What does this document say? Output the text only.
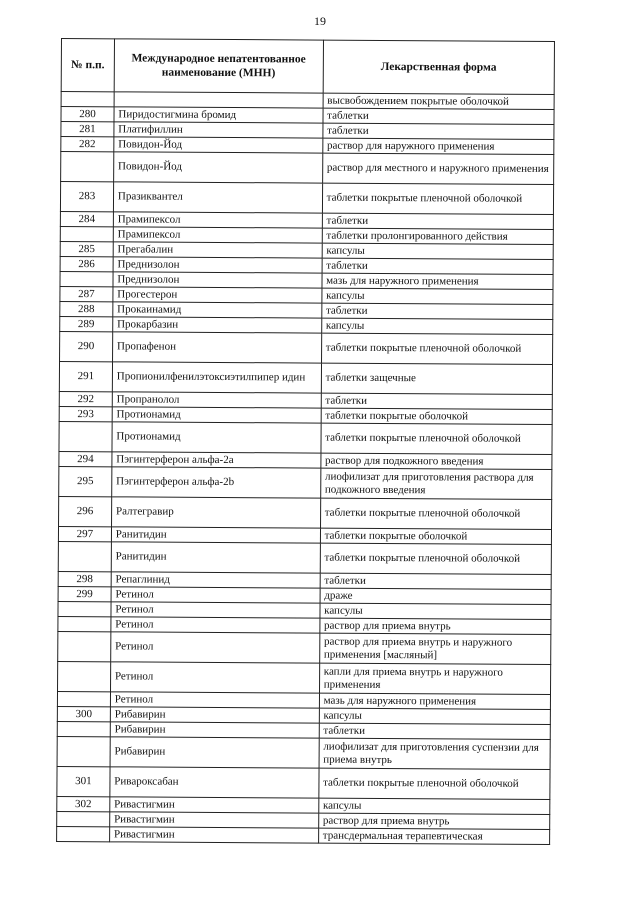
19
№ п.п.	Международное непатентованное наименование (МНН)	Лекарственная форма
		высвобождением покрытые оболочкой
280	Пиридостигмина бромид	таблетки
281	Платифиллин	таблетки
282	Повидон-Йод	раствор для наружного применения
	Повидон-Йод	раствор для местного и наружного применения
283	Празиквантел	таблетки покрытые пленочной оболочкой
284	Прамипексол	таблетки
	Прамипексол	таблетки пролонгированного действия
285	Прегабалин	капсулы
286	Преднизолон	таблетки
	Преднизолон	мазь для наружного применения
287	Прогестерон	капсулы
288	Прокаинамид	таблетки
289	Прокарбазин	капсулы
290	Пропафенон	таблетки покрытые пленочной оболочкой
291	Пропионилфенилэтоксиэтилпипер идин	таблетки защечные
292	Пропранолол	таблетки
293	Протионамид	таблетки покрытые оболочкой
	Протионамид	таблетки покрытые пленочной оболочкой
294	Пэгинтерферон альфа-2a	раствор для подкожного введения
295	Пэгинтерферон альфа-2b	лиофилизат для приготовления раствора для подкожного введения
296	Ралтегравир	таблетки покрытые пленочной оболочкой
297	Ранитидин	таблетки покрытые оболочкой
	Ранитидин	таблетки покрытые пленочной оболочкой
298	Репаглинид	таблетки
299	Ретинол	драже
	Ретинол	капсулы
	Ретинол	раствор для приема внутрь
	Ретинол	раствор для приема внутрь и наружного применения [масляный]
	Ретинол	капли для приема внутрь и наружного применения
	Ретинол	мазь для наружного применения
300	Рибавирин	капсулы
	Рибавирин	таблетки
	Рибавирин	лиофилизат для приготовления суспензии для приема внутрь
301	Ривароксабан	таблетки покрытые пленочной оболочкой
302	Ривастигмин	капсулы
	Ривастигмин	раствор для приема внутрь
	Ривастигмин	трансдермальная терапевтическая
